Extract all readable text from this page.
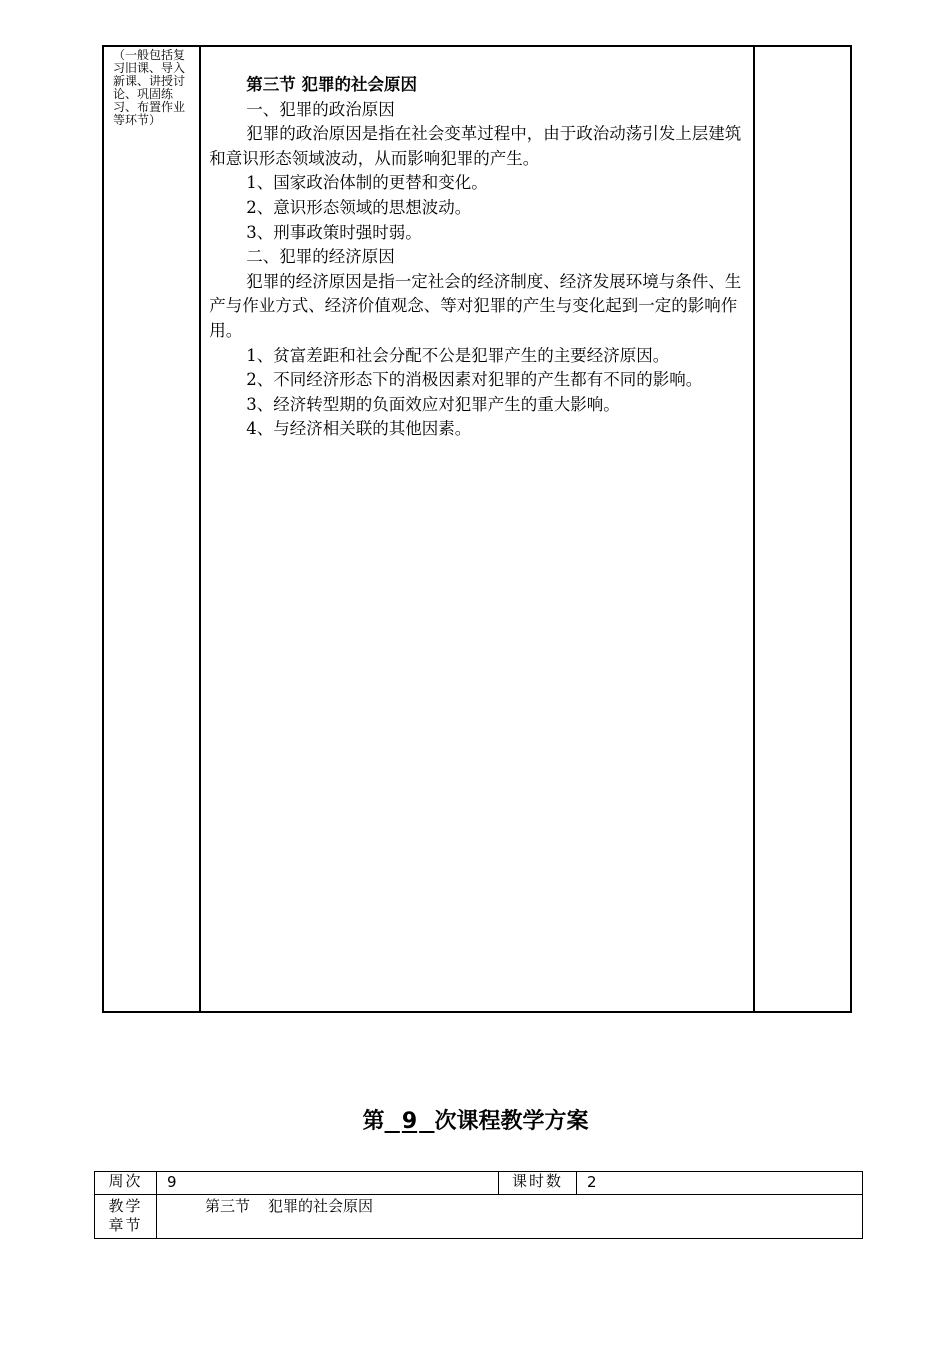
（一般包括复习旧课、导入新课、讲授讨论、巩固练习、布置作业等环节）

第三节 犯罪的社会原因

一、犯罪的政治原因

犯罪的政治原因是指在社会变革过程中，由于政治动荡引发上层建筑和意识形态领域波动，从而影响犯罪的产生。

1、国家政治体制的更替和变化。

2、意识形态领域的思想波动。

3、刑事政策时强时弱。

二、犯罪的经济原因

犯罪的经济原因是指一定社会的经济制度、经济发展环境与条件、生产与作业方式、经济价值观念、等对犯罪的产生与变化起到一定的影响作用。

1、贫富差距和社会分配不公是犯罪产生的主要经济原因。

2、不同经济形态下的消极因素对犯罪的产生都有不同的影响。

3、经济转型期的负面效应对犯罪产生的重大影响。

4、与经济相关联的其他因素。

第 9 次课程教学方案
周次	9	课时数	2
教学章节	第三节 犯罪的社会原因		
